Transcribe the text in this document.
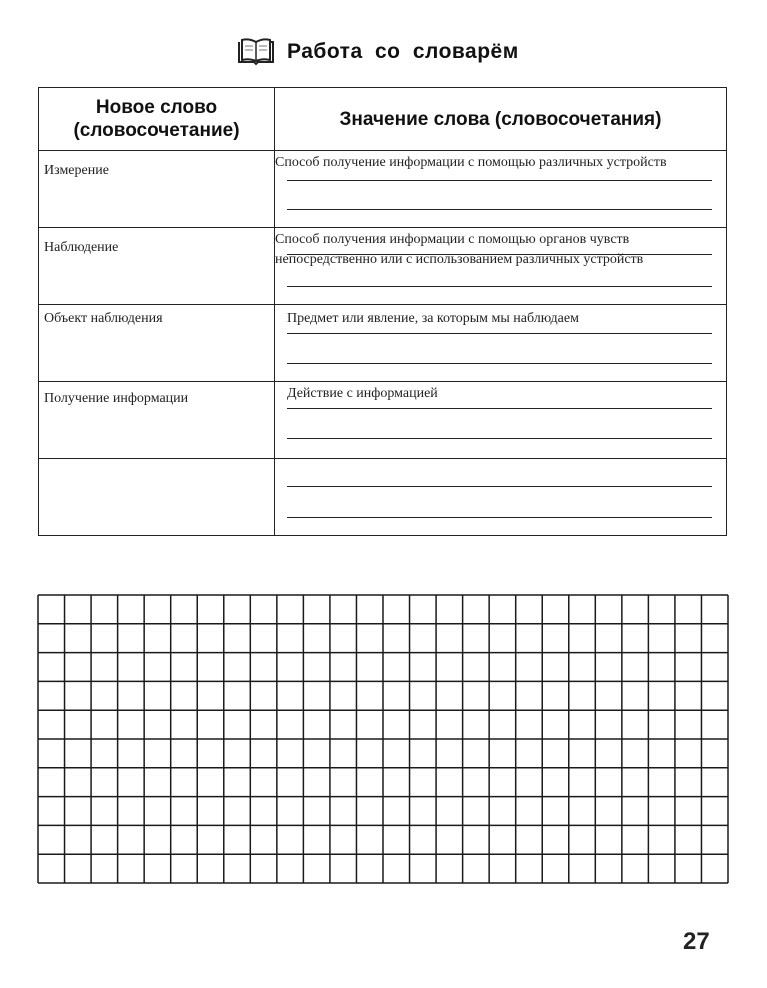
Работа со словарём
Новое слово
(словосочетание)	Значение слова (словосочетания)

Измерение	Способ получение информации с помощью различных устройств

Наблюдение	Способ получения информации с помощью органов чувств непосредственно или с использованием различных устройств

Объект наблюдения	Предмет или явление, за которым мы наблюдаем

Получение информации	Действие с информацией

27
